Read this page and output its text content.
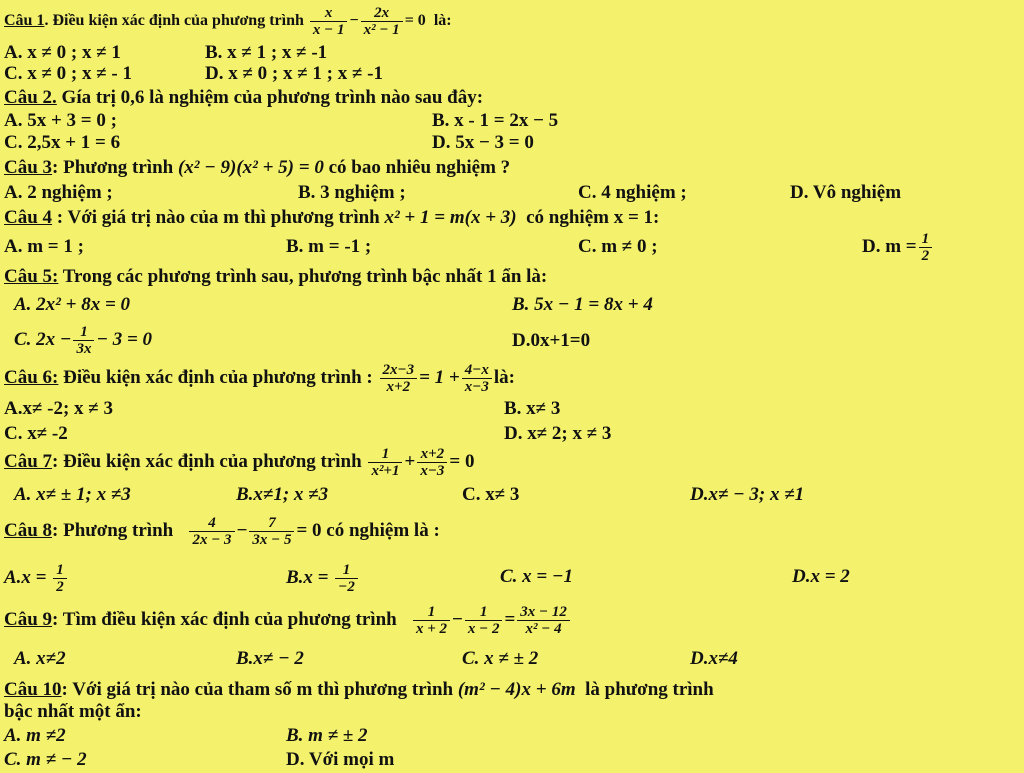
Câu 1. Điều kiện xác định của phương trình $\frac{x}{x - 1} - \frac{2x}{\text{x² − 1}} = 0$ là:
A. x ≠ 0 ; x ≠ 1	B. x ≠ 1 ; x ≠ -1
C. x ≠ 0 ; x ≠ - 1	D. x ≠ 0 ; x ≠ 1 ; x ≠ -1
Câu 2. Gía trị 0,6 là nghiệm của phương trình nào sau đây:
A. 5x + 3 = 0 ;	B. x - 1 = 2x − 5
C. 2,5x + 1 = 6	D. 5x − 3 = 0
Câu 3: Phương trình (x² − 9)(x² + 5) = 0 có bao nhiêu nghiệm ?
A. 2 nghiệm ;	B. 3 nghiệm ;	C. 4 nghiệm ;	D. Vô nghiệm
Câu 4 : Với giá trị nào của m thì phương trình x² + 1 = m(x + 3) có nghiệm x = 1:
A. m = 1 ;	B. m = -1 ;	C. m ≠ 0 ;	D. $m = \frac{1}{2}$
Câu 5: Trong các phương trình sau, phương trình bậc nhất 1 ẩn là:
A. 2x² + 8x = 0	B. 5x − 1 = 8x + 4
C. $2x - \frac{1}{3x} - 3 = 0$	D.0x+1=0
Câu 6: Điều kiện xác định của phương trình : $\frac{2x-3}{x+2} = 1 + \frac{4-x}{x-3}$ là:
A.x≠ -2; x ≠ 3	B. x≠ 3
C. x≠ -2	D. x≠ 2; x ≠ 3
Câu 7: Điều kiện xác định của phương trình $\frac{1}{\text{x²+1}} + \frac{x+2}{x-3} = 0$
A. x≠ ± 1; x ≠3	B.x≠1; x ≠3	C. x≠ 3	D.x≠ − 3; x ≠1
Câu 8: Phương trình $\frac{4}{2x - 3} - \frac{7}{3x - 5} = 0$ có nghiệm là :
$A.x = \frac{1}{2}$	$B.x = \frac{1}{-2}$	C. x = −1	D.x = 2
Câu 9: Tìm điều kiện xác định của phương trình $\frac{1}{x + 2} - \frac{1}{x - 2} = \frac{3x - 12}{\text{x² − 4}}$
A. x≠2	B.x≠ − 2	C. x ≠ ± 2	D.x≠4
Câu 10: Với giá trị nào của tham số m thì phương trình (m² − 4)x + 6m là phương trình
bậc nhất một ẩn:
A. m ≠2	B. m ≠ ± 2
C. m ≠ − 2	D. Với mọi m
